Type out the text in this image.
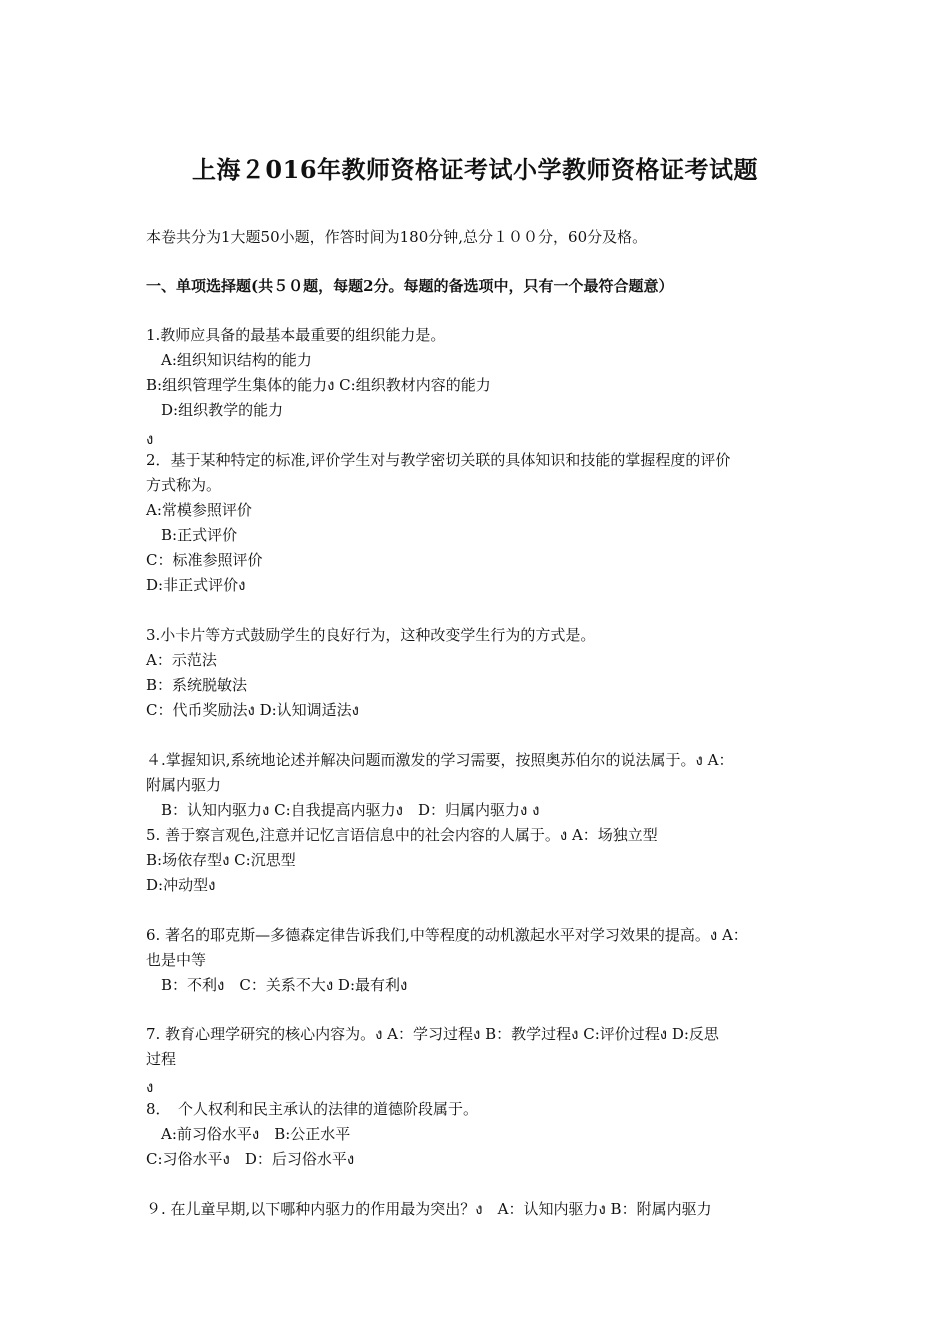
上海２016年教师资格证考试小学教师资格证考试题
本卷共分为1大题50小题，作答时间为180分钟,总分１００分，60分及格。
一、单项选择题(共５０题，每题2分。每题的备选项中，只有一个最符合题意）
1.教师应具备的最基本最重要的组织能力是。
　A:组织知识结构的能力
B:组织管理学生集体的能力ง C:组织教材内容的能力
　D:组织教学的能力
ง
2．基于某种特定的标准,评价学生对与教学密切关联的具体知识和技能的掌握程度的评价
方式称为。
A:常模参照评价
　B:正式评价
C：标准参照评价
D:非正式评价ง
3.小卡片等方式鼓励学生的良好行为，这种改变学生行为的方式是。
A：示范法
B：系统脱敏法
C：代币奖励法ง D:认知调适法ง
４.掌握知识,系统地论述并解决问题而激发的学习需要，按照奥苏伯尔的说法属于。ง A：
附属内驱力
　B：认知内驱力ง C:自我提高内驱力ง　D：归属内驱力ง ง
5. 善于察言观色,注意并记忆言语信息中的社会内容的人属于。ง A：场独立型
B:场依存型ง C:沉思型
D:冲动型ง
6. 著名的耶克斯—多德森定律告诉我们,中等程度的动机激起水平对学习效果的提高。ง A：
也是中等
　B：不利ง　C：关系不大ง D:最有利ง
7. 教育心理学研究的核心内容为。ง A：学习过程ง B：教学过程ง C:评价过程ง D:反思
过程
ง
8．　个人权利和民主承认的法律的道德阶段属于。
　A:前习俗水平ง　B:公正水平
C:习俗水平ง　D：后习俗水平ง
９. 在儿童早期,以下哪种内驱力的作用最为突出？ง　A：认知内驱力ง B：附属内驱力
